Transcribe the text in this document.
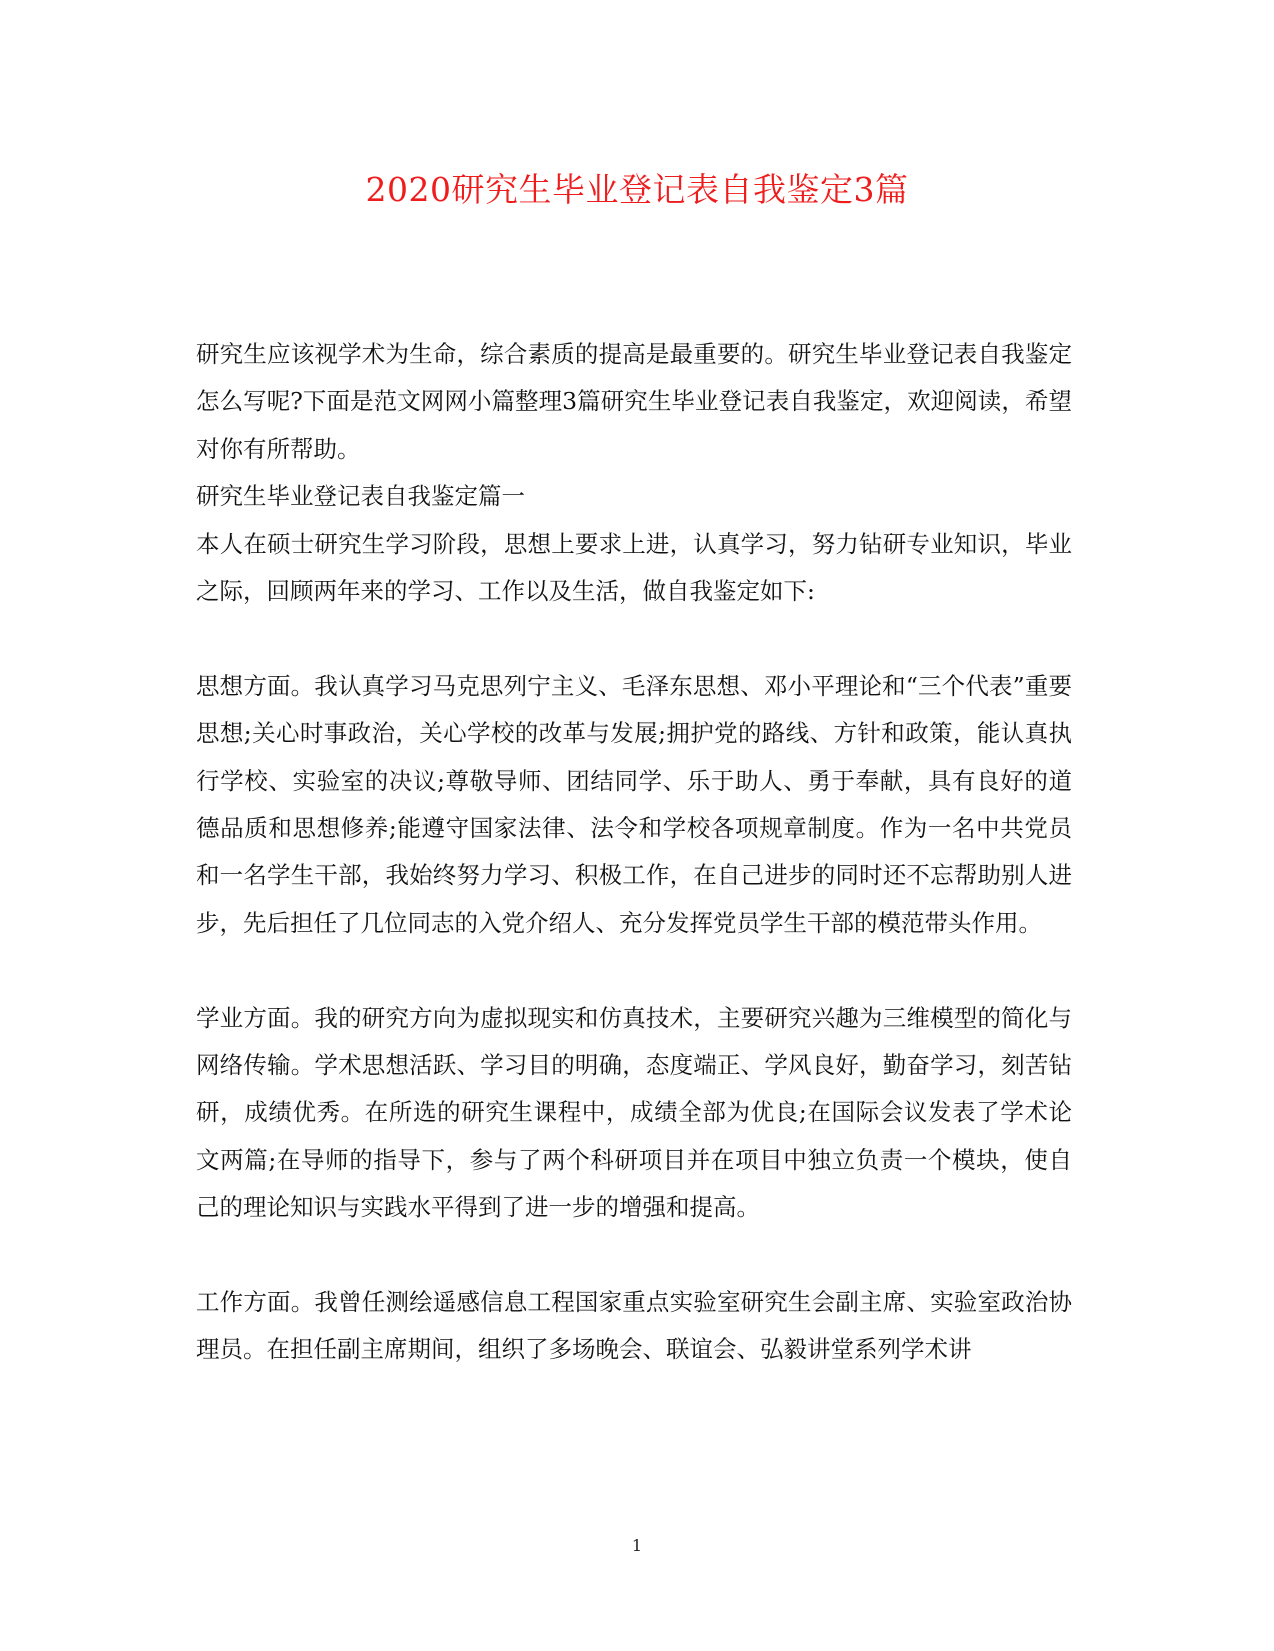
2020研究生毕业登记表自我鉴定3篇

研究生应该视学术为生命，综合素质的提高是最重要的。研究生毕业登记表自我鉴定怎么写呢?下面是范文网网小篇整理3篇研究生毕业登记表自我鉴定，欢迎阅读，希望对你有所帮助。

研究生毕业登记表自我鉴定篇一

本人在硕士研究生学习阶段，思想上要求上进，认真学习，努力钻研专业知识，毕业之际，回顾两年来的学习、工作以及生活，做自我鉴定如下:

思想方面。我认真学习马克思列宁主义、毛泽东思想、邓小平理论和“三个代表”重要思想;关心时事政治，关心学校的改革与发展;拥护党的路线、方针和政策，能认真执行学校、实验室的决议;尊敬导师、团结同学、乐于助人、勇于奉献，具有良好的道德品质和思想修养;能遵守国家法律、法令和学校各项规章制度。作为一名中共党员和一名学生干部，我始终努力学习、积极工作，在自己进步的同时还不忘帮助别人进步，先后担任了几位同志的入党介绍人、充分发挥党员学生干部的模范带头作用。

学业方面。我的研究方向为虚拟现实和仿真技术，主要研究兴趣为三维模型的简化与网络传输。学术思想活跃、学习目的明确，态度端正、学风良好，勤奋学习，刻苦钻研，成绩优秀。在所选的研究生课程中，成绩全部为优良;在国际会议发表了学术论文两篇;在导师的指导下，参与了两个科研项目并在项目中独立负责一个模块，使自己的理论知识与实践水平得到了进一步的增强和提高。

工作方面。我曾任测绘遥感信息工程国家重点实验室研究生会副主席、实验室政治协理员。在担任副主席期间，组织了多场晚会、联谊会、弘毅讲堂系列学术讲

1
